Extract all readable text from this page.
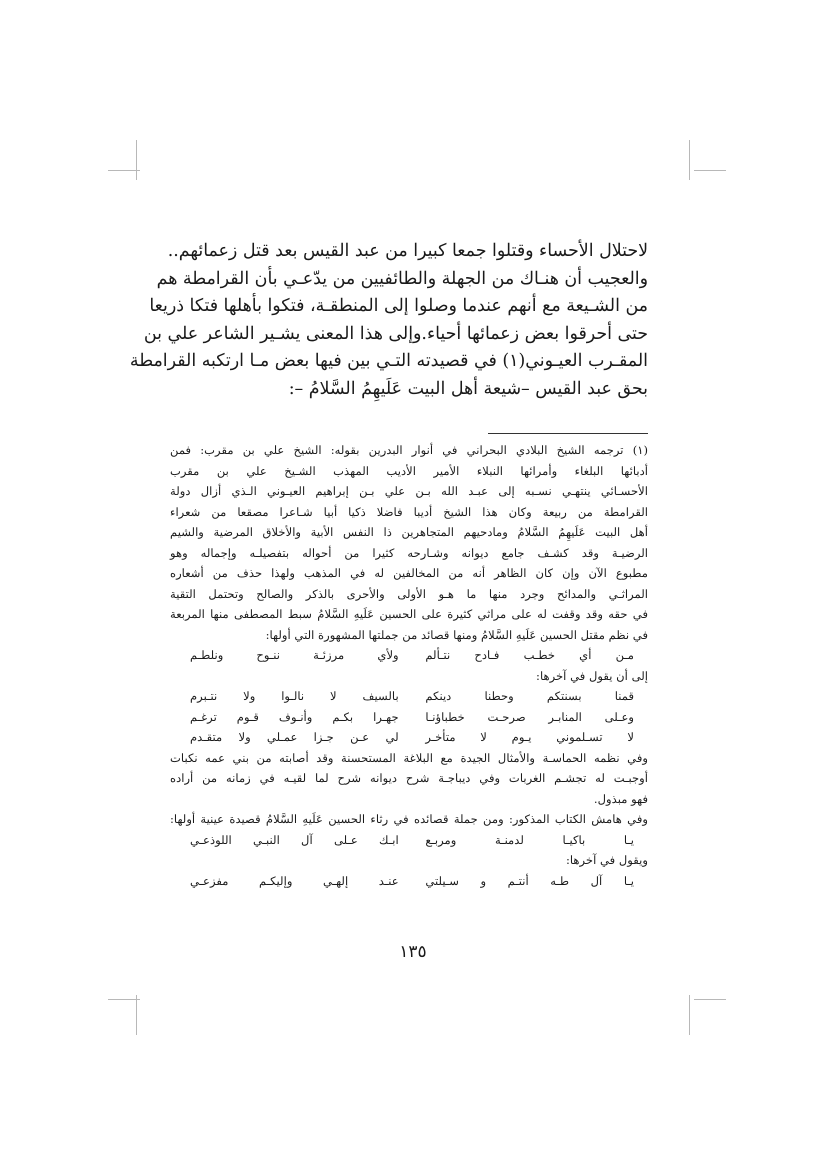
لاحتلال الأحساء وقتلوا جمعا كبيرا من عبد القيس بعد قتل زعمائهم..
والعجيب أن هنـاك من الجهلة والطائفيين من يدّعـي بأن القرامطة هم
من الشـيعة مع أنهم عندما وصلوا إلى المنطقـة، فتكوا بأهلها فتكا ذريعا
حتى أحرقوا بعض زعمائها أحياء.وإلى هذا المعنى يشـير الشاعر علي بن
المقـرب العيـوني(١) في قصيدته التـي بين فيها بعض مـا ارتكبه القرامطة
بحق عبد القيس –شيعة أهل البيت عَلَيهِمُ السَّلامُ –:
(١) ترجمه الشيخ البلادي البحراني في أنوار البدرين بقوله: الشيخ علي بن مقرب: فمن
أدبائها البلغاء وأمرائها النبلاء الأمير الأديب المهذب الشـيخ علي بن مقرب
الأحسـائي ينتهـي نسـبه إلى عبـد الله بـن علي بـن إبراهيم العيـوني الـذي أزال دولة
القرامطة من ربيعة وكان هذا الشيخ أديبا فاضلا ذكيا أبيا شـاعرا مصقعا من شعراء
أهل البيت عَلَيهِمُ السَّلامُ ومادحيهم المتجاهرين ذا النفس الأبية والأخلاق المرضية والشيم
الرضيـة وقد كشـف جامع ديوانه وشـارحه كثيرا من أحواله بتفصيلـه وإجماله وهو
مطبوع الآن وإن كان الظاهر أنه من المخالفين له في المذهب ولهذا حذف من أشعاره
المراثـي والمدائح وجرد منها ما هـو الأولى والأحرى بالذكر والصالح وتحتمل التقية
في حقه وقد وقفت له على مراثي كثيرة على الحسين عَلَيهِ السَّلامُ سبط المصطفى منها المربعة
في نظم مقتل الحسين عَلَيهِ السَّلامُ ومنها قصائد من جملتها المشهورة التي أولها:
مـن أي خطـب فـادح نتـألم
ولأي مرزئـة ننـوح ونلطـم
إلى أن يقول في آخرها:
قمنا بسنتكم وحطنا دينكم
بالسيف لا نالـوا ولا نتـبرم
وعـلى المنابـر صرحـت خطباؤنـا
جهـرا بكـم وأنـوف قـوم ترغـم
لا تسـلموني يـوم لا متأخـر
لي عـن جـزا عمـلي ولا متقـدم
وفي نظمه الحماسـة والأمثال الجيدة مع البلاغة المستحسنة وقد أصابته من بني عمه نكبات
أوجبـت له تجشـم الغربات وفي ديباجـة شرح ديوانه شرح لما لقيـه في زمانه من أراده
فهو مبذول.
وفي هامش الكتاب المذكور: ومن جملة قصائده في رثاء الحسين عَلَيهِ السَّلامُ قصيدة عينية أولها:
يـا باكيـا لدمنـة ومربـع
ابـك عـلى آل النبـي اللوذعـي
ويقول في آخرها:
يـا آل طـه أنتـم و سـيلتي
عنـد إلهـي وإليكـم مفزعـي
١٣٥
